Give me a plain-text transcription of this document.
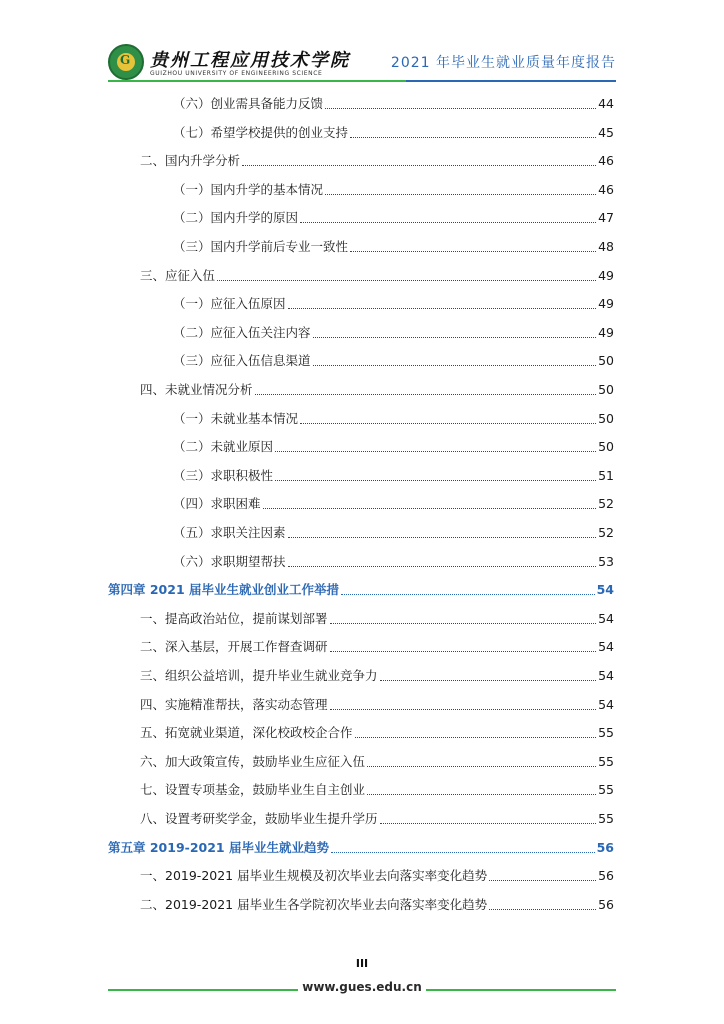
G 贵州工程应用技术学院
GUIZHOU UNIVERSITY OF ENGINEERING SCIENCE
2021 年毕业生就业质量年度报告
（六）创业需具备能力反馈	44
（七）希望学校提供的创业支持	45
二、国内升学分析	46
（一）国内升学的基本情况	46
（二）国内升学的原因	47
（三）国内升学前后专业一致性	48
三、应征入伍	49
（一）应征入伍原因	49
（二）应征入伍关注内容	49
（三）应征入伍信息渠道	50
四、未就业情况分析	50
（一）未就业基本情况	50
（二）未就业原因	50
（三）求职积极性	51
（四）求职困难	52
（五）求职关注因素	52
（六）求职期望帮扶	53
第四章 2021 届毕业生就业创业工作举措	54
一、提高政治站位，提前谋划部署	54
二、深入基层，开展工作督查调研	54
三、组织公益培训，提升毕业生就业竞争力	54
四、实施精准帮扶，落实动态管理	54
五、拓宽就业渠道，深化校政校企合作	55
六、加大政策宣传，鼓励毕业生应征入伍	55
七、设置专项基金，鼓励毕业生自主创业	55
八、设置考研奖学金，鼓励毕业生提升学历	55
第五章 2019-2021 届毕业生就业趋势	56
一、2019-2021 届毕业生规模及初次毕业去向落实率变化趋势	56
二、2019-2021 届毕业生各学院初次毕业去向落实率变化趋势	56
III
www.gues.edu.cn
